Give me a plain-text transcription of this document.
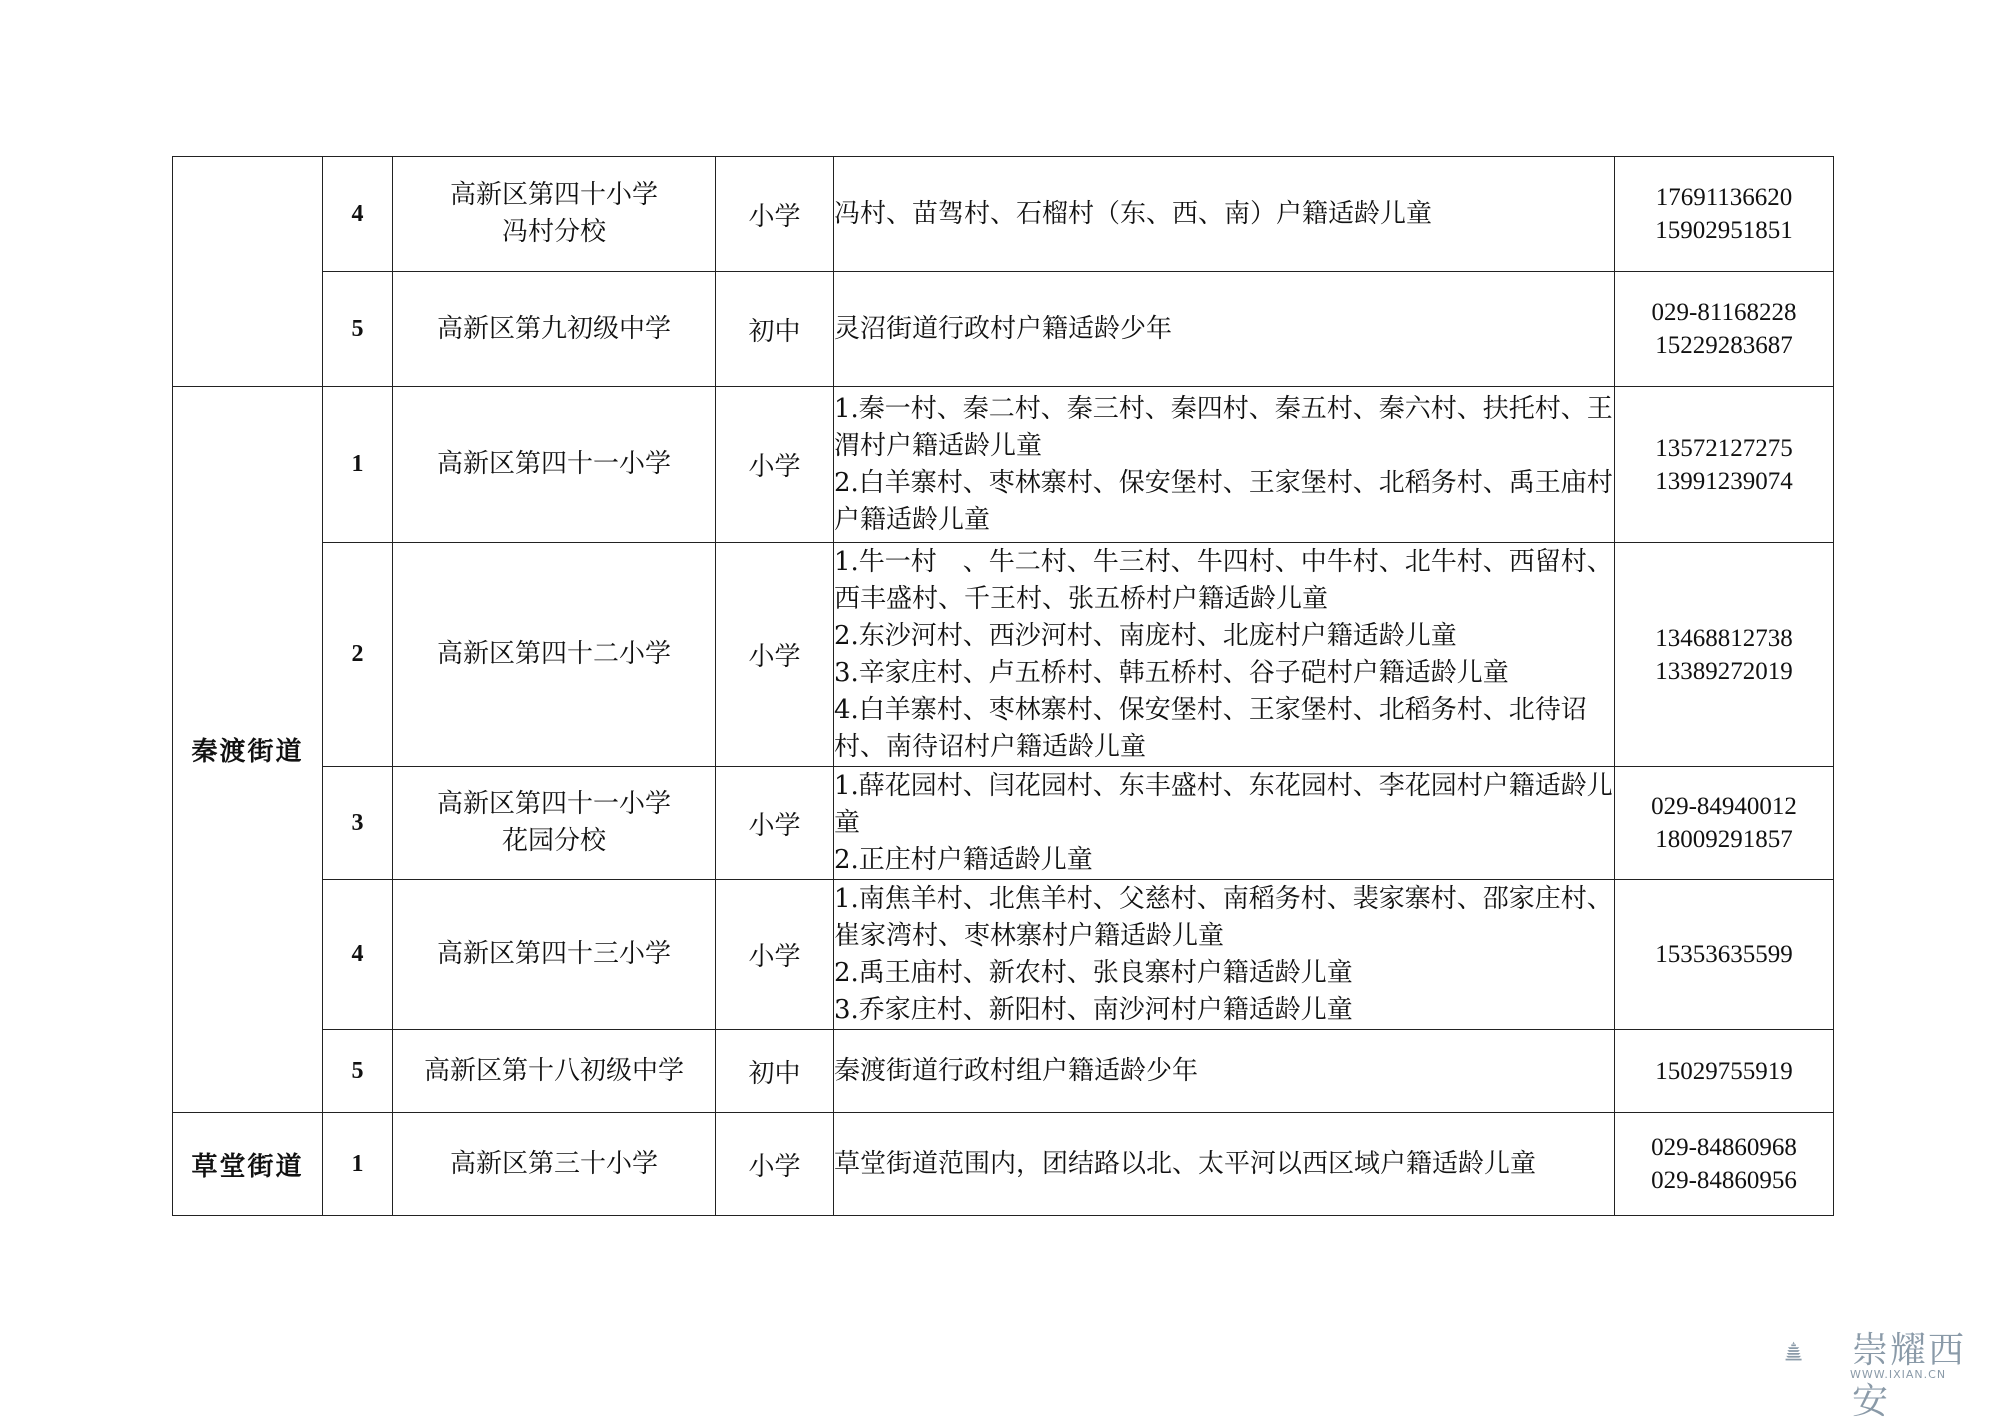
	4	高新区第四十小学
冯村分校	小学	冯村、苗驾村、石榴村（东、西、南）户籍适龄儿童	17691136620
15902951851

	5	高新区第九初级中学	初中	灵沼街道行政村户籍适龄少年	029-81168228
15229283687

秦渡街道	1	高新区第四十一小学	小学	1.秦一村、秦二村、秦三村、秦四村、秦五村、秦六村、扶托村、王渭村户籍适龄儿童
2.白羊寨村、枣林寨村、保安堡村、王家堡村、北稻务村、禹王庙村户籍适龄儿童	13572127275
13991239074

	2	高新区第四十二小学	小学	1.牛一村　、牛二村、牛三村、牛四村、中牛村、北牛村、西留村、西丰盛村、千王村、张五桥村户籍适龄儿童
2.东沙河村、西沙河村、南庞村、北庞村户籍适龄儿童
3.辛家庄村、卢五桥村、韩五桥村、谷子硙村户籍适龄儿童
4.白羊寨村、枣林寨村、保安堡村、王家堡村、北稻务村、北待诏村、南待诏村户籍适龄儿童	13468812738
13389272019

	3	高新区第四十一小学
花园分校	小学	1.薛花园村、闫花园村、东丰盛村、东花园村、李花园村户籍适龄儿童
2.正庄村户籍适龄儿童	029-84940012
18009291857

	4	高新区第四十三小学	小学	1.南焦羊村、北焦羊村、父慈村、南稻务村、裴家寨村、邵家庄村、崔家湾村、枣林寨村户籍适龄儿童
2.禹王庙村、新农村、张良寨村户籍适龄儿童
3.乔家庄村、新阳村、南沙河村户籍适龄儿童	15353635599

	5	高新区第十八初级中学	初中	秦渡街道行政村组户籍适龄少年	15029755919

草堂街道	1	高新区第三十小学	小学	草堂街道范围内，团结路以北、太平河以西区域户籍适龄儿童	029-84860968
029-84860956
崇耀西安
WWW.IXIAN.CN
